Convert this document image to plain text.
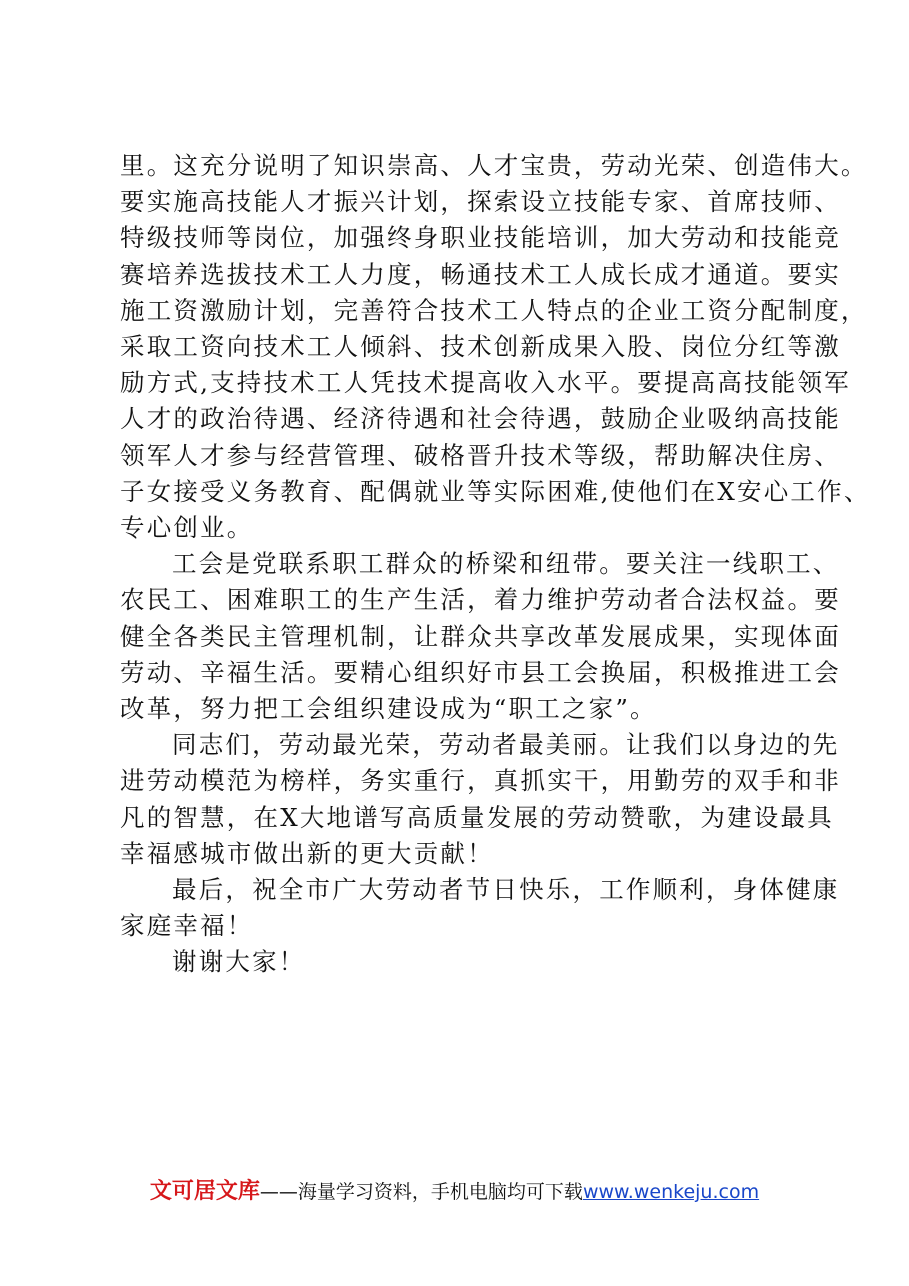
里。这充分说明了知识崇高、人才宝贵，劳动光荣、创造伟大。

要实施高技能人才振兴计划，探索设立技能专家、首席技师、

特级技师等岗位，加强终身职业技能培训，加大劳动和技能竞

赛培养选拔技术工人力度，畅通技术工人成长成才通道。要实

施工资激励计划，完善符合技术工人特点的企业工资分配制度，

采取工资向技术工人倾斜、技术创新成果入股、岗位分红等激

励方式,支持技术工人凭技术提高收入水平。要提高高技能领军

人才的政治待遇、经济待遇和社会待遇，鼓励企业吸纳高技能

领军人才参与经营管理、破格晋升技术等级，帮助解决住房、

子女接受义务教育、配偶就业等实际困难,使他们在X安心工作、

专心创业。

工会是党联系职工群众的桥梁和纽带。要关注一线职工、

农民工、困难职工的生产生活，着力维护劳动者合法权益。要

健全各类民主管理机制，让群众共享改革发展成果，实现体面

劳动、辛福生活。要精心组织好市县工会换届，积极推进工会

改革，努力把工会组织建设成为“职工之家”。

同志们，劳动最光荣，劳动者最美丽。让我们以身边的先

进劳动模范为榜样，务实重行，真抓实干，用勤劳的双手和非

凡的智慧，在X大地谱写高质量发展的劳动赞歌，为建设最具

幸福感城市做出新的更大贡献！

最后，祝全市广大劳动者节日快乐，工作顺利，身体健康

家庭幸福！

谢谢大家！

文可居文库——海量学习资料，手机电脑均可下载www.wenkeju.com
